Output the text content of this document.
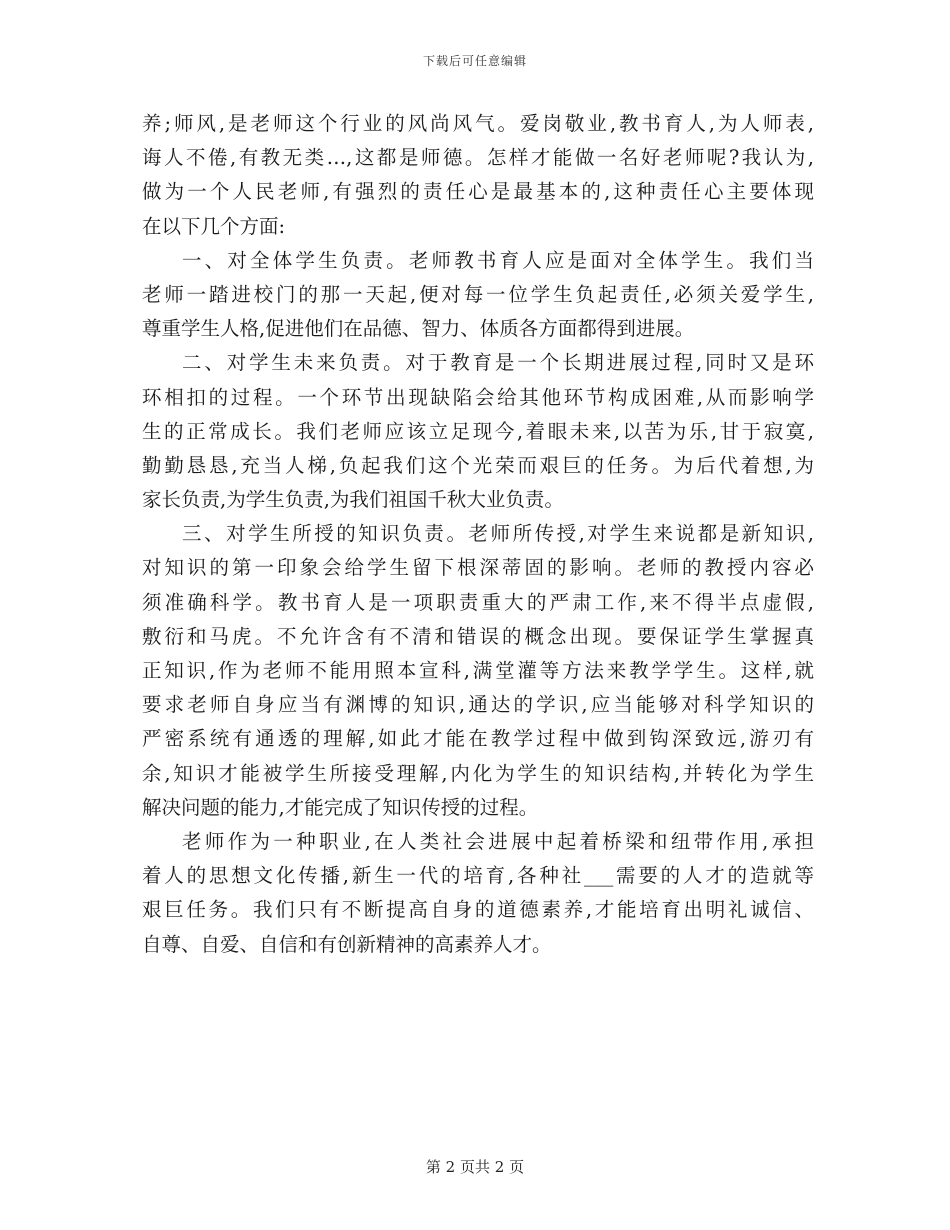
下载后可任意编辑
养;师风,是老师这个行业的风尚风气。爱岗敬业,教书育人,为人师表,
诲人不倦,有教无类…,这都是师德。怎样才能做一名好老师呢?我认为,
做为一个人民老师,有强烈的责任心是最基本的,这种责任心主要体现
在以下几个方面:
一、对全体学生负责。老师教书育人应是面对全体学生。我们当
老师一踏进校门的那一天起,便对每一位学生负起责任,必须关爱学生,
尊重学生人格,促进他们在品德、智力、体质各方面都得到进展。
二、对学生未来负责。对于教育是一个长期进展过程,同时又是环
环相扣的过程。一个环节出现缺陷会给其他环节构成困难,从而影响学
生的正常成长。我们老师应该立足现今,着眼未来,以苦为乐,甘于寂寞,
勤勤恳恳,充当人梯,负起我们这个光荣而艰巨的任务。为后代着想,为
家长负责,为学生负责,为我们祖国千秋大业负责。
三、对学生所授的知识负责。老师所传授,对学生来说都是新知识,
对知识的第一印象会给学生留下根深蒂固的影响。老师的教授内容必
须准确科学。教书育人是一项职责重大的严肃工作,来不得半点虚假,
敷衍和马虎。不允许含有不清和错误的概念出现。要保证学生掌握真
正知识,作为老师不能用照本宣科,满堂灌等方法来教学学生。这样,就
要求老师自身应当有渊博的知识,通达的学识,应当能够对科学知识的
严密系统有通透的理解,如此才能在教学过程中做到钩深致远,游刃有
余,知识才能被学生所接受理解,内化为学生的知识结构,并转化为学生
解决问题的能力,才能完成了知识传授的过程。
老师作为一种职业,在人类社会进展中起着桥梁和纽带作用,承担
着人的思想文化传播,新生一代的培育,各种社___需要的人才的造就等
艰巨任务。我们只有不断提高自身的道德素养,才能培育出明礼诚信、
自尊、自爱、自信和有创新精神的高素养人才。
第 2 页共 2 页
